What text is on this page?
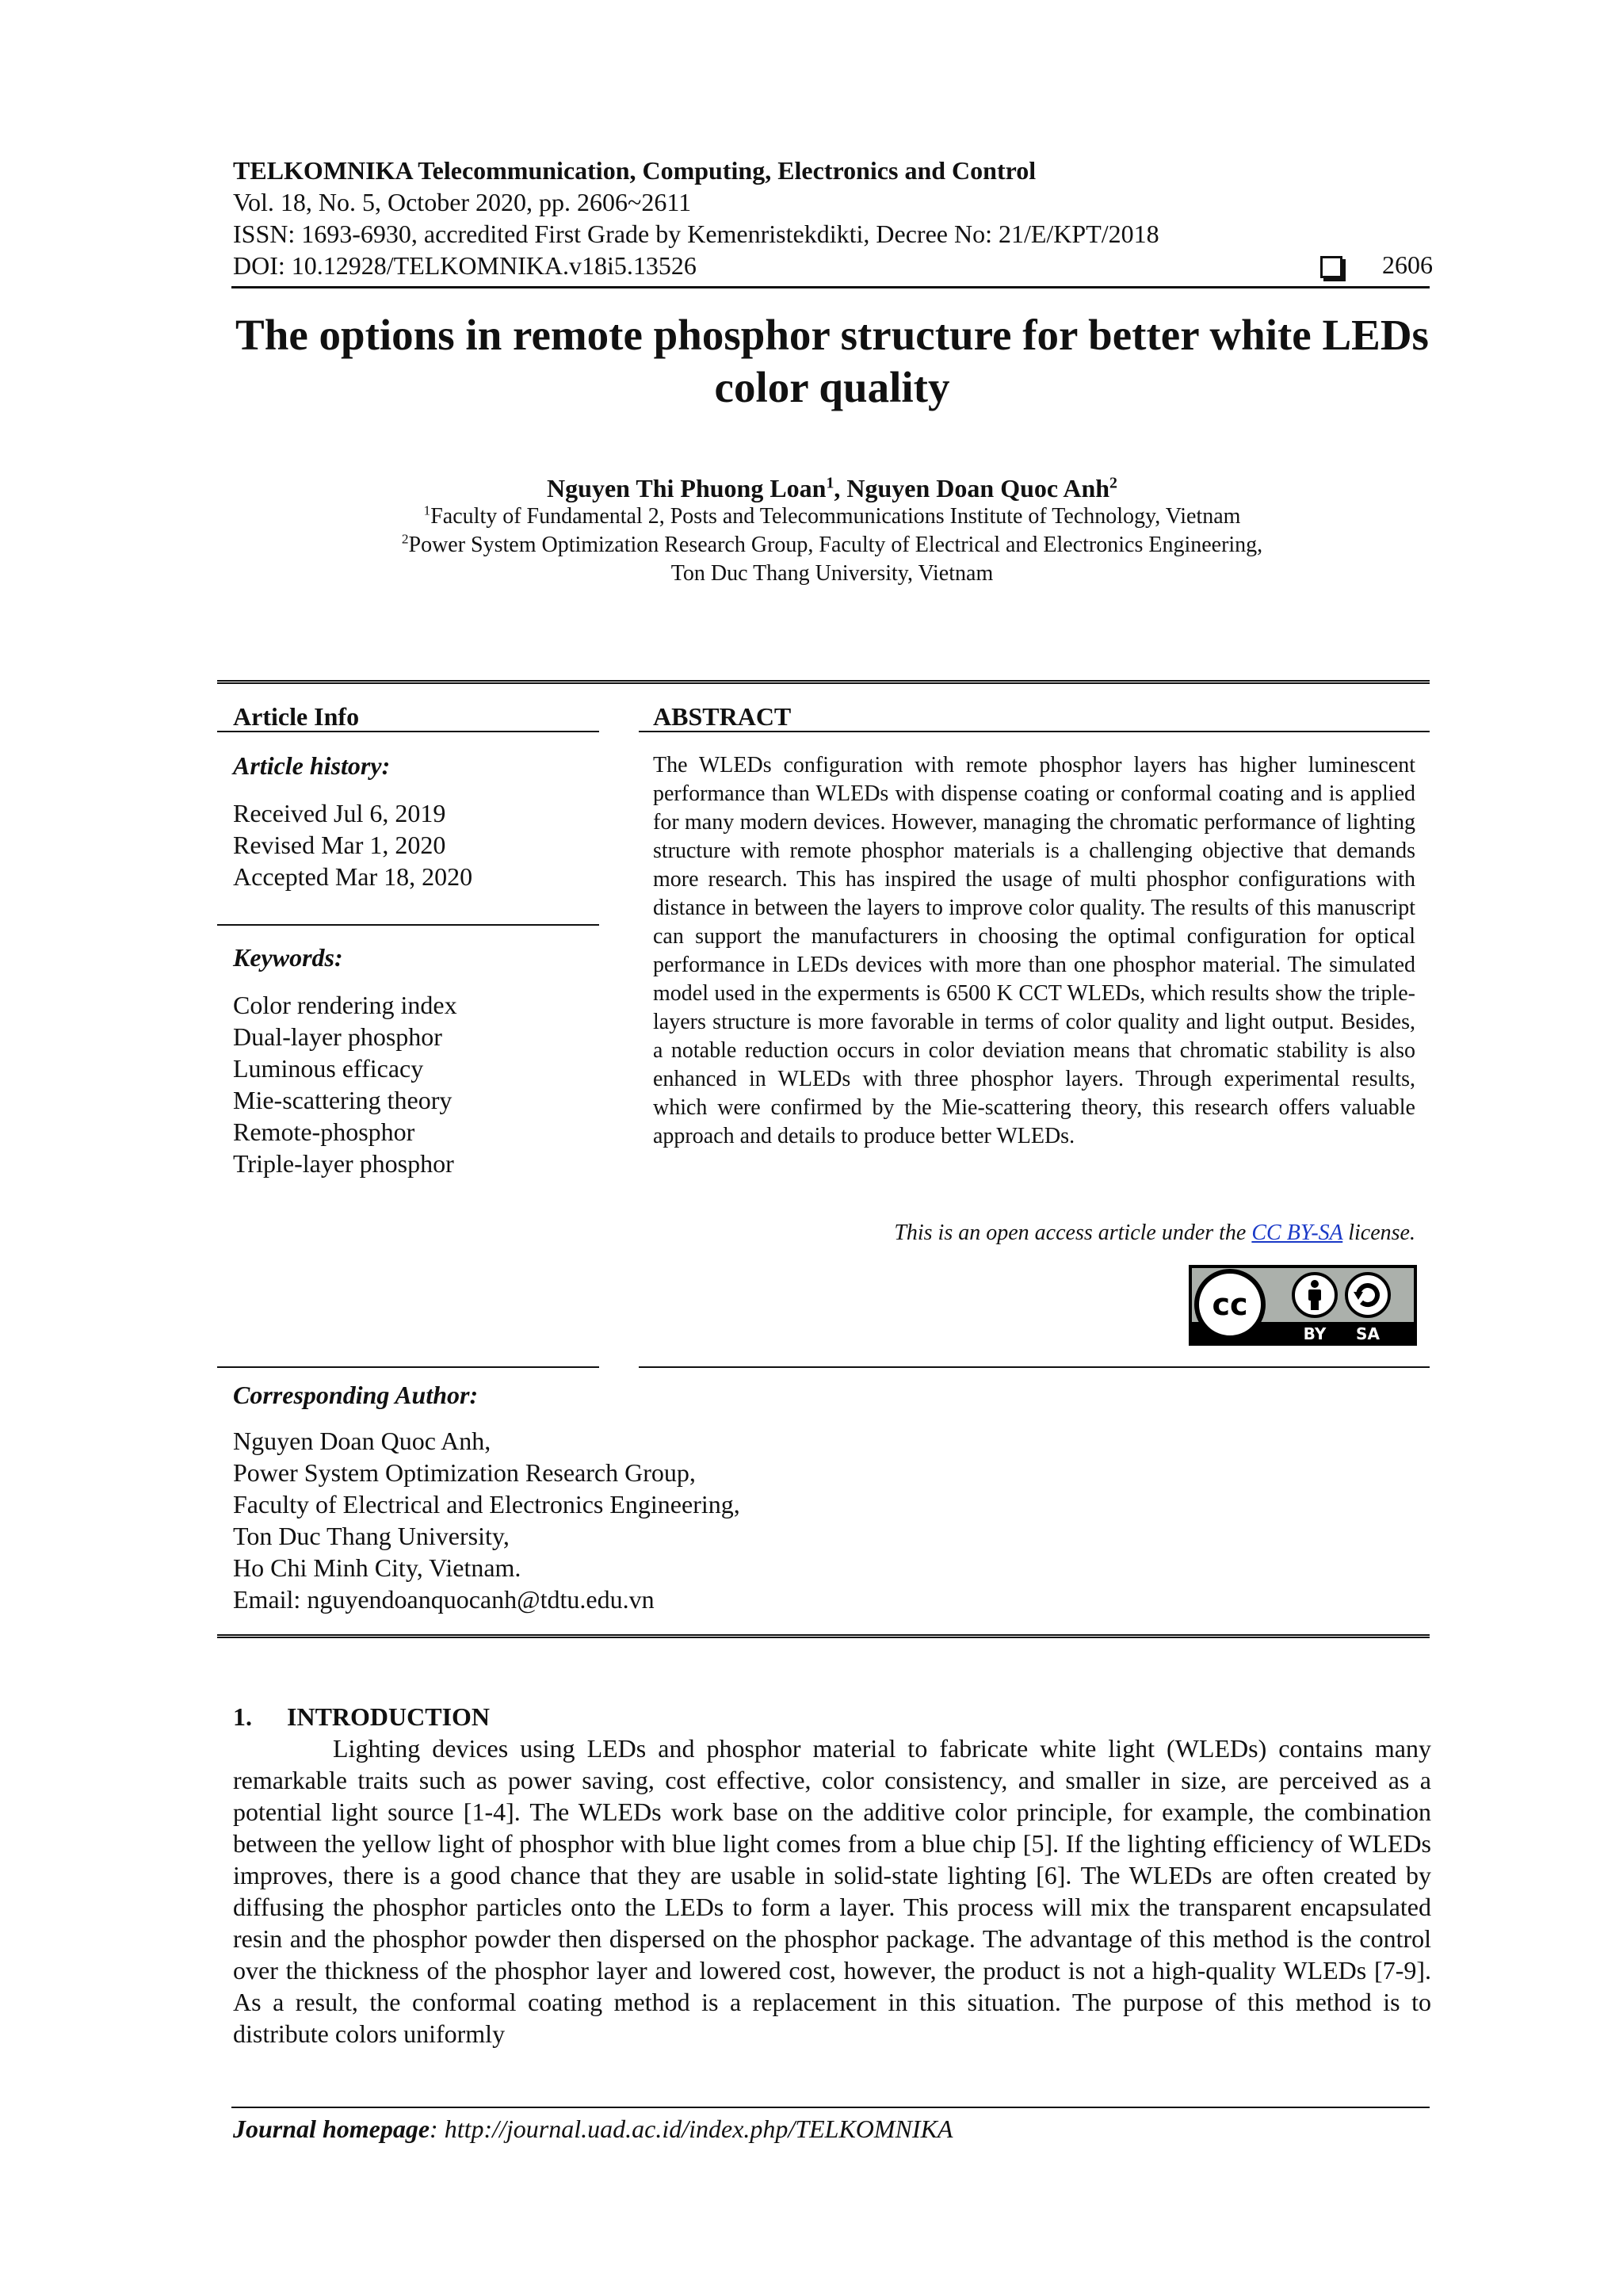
TELKOMNIKA Telecommunication, Computing, Electronics and Control
Vol. 18, No. 5, October 2020, pp. 2606~2611
ISSN: 1693-6930, accredited First Grade by Kemenristekdikti, Decree No: 21/E/KPT/2018
DOI: 10.12928/TELKOMNIKA.v18i5.13526	2606
The options in remote phosphor structure for better white LEDs color quality
Nguyen Thi Phuong Loan$^1$, Nguyen Doan Quoc Anh$^2$
$^1$Faculty of Fundamental 2, Posts and Telecommunications Institute of Technology, Vietnam
$^2$Power System Optimization Research Group, Faculty of Electrical and Electronics Engineering,
Ton Duc Thang University, Vietnam
Article Info	ABSTRACT
Article history:
Received Jul 6, 2019
Revised Mar 1, 2020
Accepted Mar 18, 2020
Keywords:
Color rendering index
Dual-layer phosphor
Luminous efficacy
Mie-scattering theory
Remote-phosphor
Triple-layer phosphor
The WLEDs configuration with remote phosphor layers has higher luminescent performance than WLEDs with dispense coating or conformal coating and is applied for many modern devices. However, managing the chromatic performance of lighting structure with remote phosphor materials is a challenging objective that demands more research. This has inspired the usage of multi phosphor configurations with distance in between the layers to improve color quality. The results of this manuscript can support the manufacturers in choosing the optimal configuration for optical performance in LEDs devices with more than one phosphor material. The simulated model used in the experments is 6500 K CCT WLEDs, which results show the triple-layers structure is more favorable in terms of color quality and light output. Besides, a notable reduction occurs in color deviation means that chromatic stability is also enhanced in WLEDs with three phosphor layers. Through experimental results, which were confirmed by the Mie-scattering theory, this research offers valuable approach and details to produce better WLEDs.
This is an open access article under the CC BY-SA license.
cc
BY SA
Corresponding Author:
Nguyen Doan Quoc Anh,
Power System Optimization Research Group,
Faculty of Electrical and Electronics Engineering,
Ton Duc Thang University,
Ho Chi Minh City, Vietnam.
Email: nguyendoanquocanh@tdtu.edu.vn
1. INTRODUCTION
Lighting devices using LEDs and phosphor material to fabricate white light (WLEDs) contains many remarkable traits such as power saving, cost effective, color consistency, and smaller in size, are perceived as a potential light source [1-4]. The WLEDs work base on the additive color principle, for example, the combination between the yellow light of phosphor with blue light comes from a blue chip [5]. If the lighting efficiency of WLEDs improves, there is a good chance that they are usable in solid-state lighting [6]. The WLEDs are often created by diffusing the phosphor particles onto the LEDs to form a layer. This process will mix the transparent encapsulated resin and the phosphor powder then dispersed on the phosphor package. The advantage of this method is the control over the thickness of the phosphor layer and lowered cost, however, the product is not a high-quality WLEDs [7-9]. As a result, the conformal coating method is a replacement in this situation. The purpose of this method is to distribute colors uniformly
Journal homepage: http://journal.uad.ac.id/index.php/TELKOMNIKA
